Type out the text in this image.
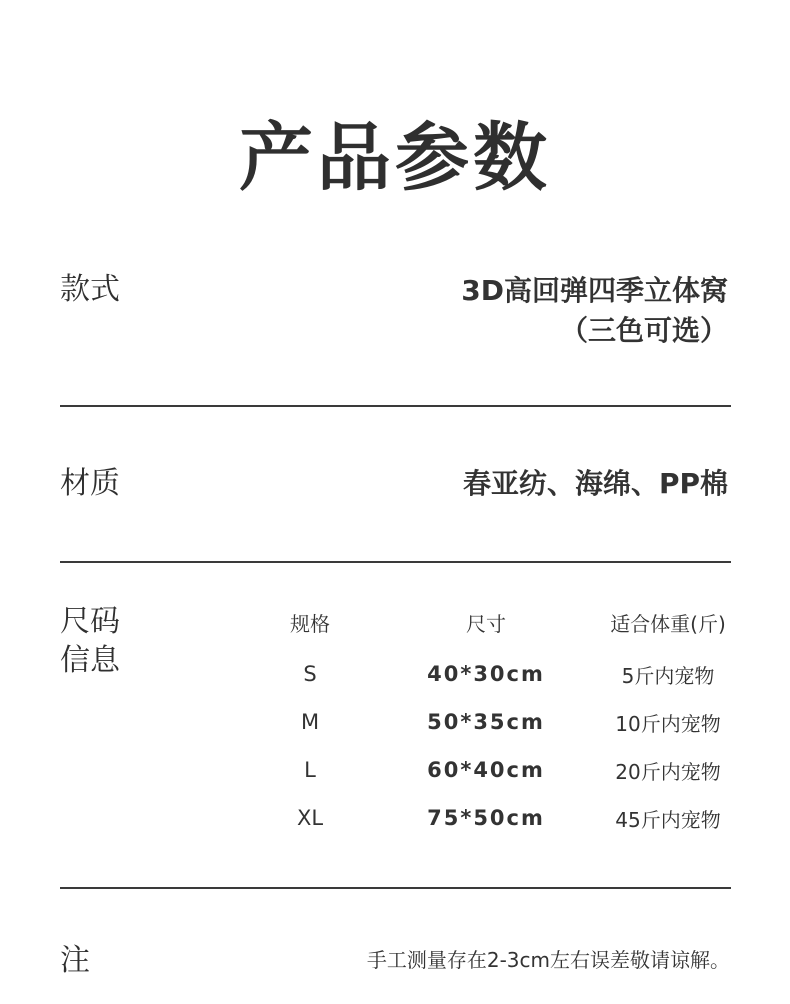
产品参数
款式	3D高回弹四季立体窝
（三色可选）
材质	春亚纺、海绵、PP棉
尺码
信息
规格	尺寸	适合体重(斤)
S	40*30cm	5斤内宠物
M	50*35cm	10斤内宠物
L	60*40cm	20斤内宠物
XL	75*50cm	45斤内宠物
注	手工测量存在2-3cm左右误差敬请谅解。
